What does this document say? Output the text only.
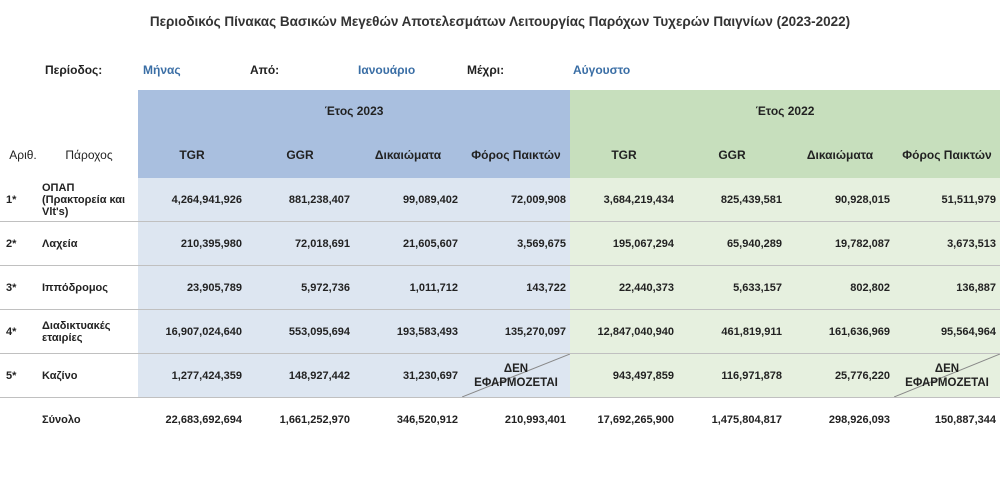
Περιοδικός Πίνακας Βασικών Μεγεθών Αποτελεσμάτων Λειτουργίας Παρόχων Τυχερών Παιγνίων (2023-2022)
Περίοδος:	Μήνας	Από:	Ιανουάριο	Μέχρι:	Αύγουστο
		Έτος 2023				Έτος 2022			
Αριθ.	Πάροχος	TGR	GGR	Δικαιώματα	Φόρος Παικτών	TGR	GGR	Δικαιώματα	Φόρος Παικτών
1*	ΟΠΑΠ (Πρακτορεία και Vlt's)	4,264,941,926	881,238,407	99,089,402	72,009,908	3,684,219,434	825,439,581	90,928,015	51,511,979
2*	Λαχεία	210,395,980	72,018,691	21,605,607	3,569,675	195,067,294	65,940,289	19,782,087	3,673,513
3*	Ιππόδρομος	23,905,789	5,972,736	1,011,712	143,722	22,440,373	5,633,157	802,802	136,887
4*	Διαδικτυακές εταιρίες	16,907,024,640	553,095,694	193,583,493	135,270,097	12,847,040,940	461,819,911	161,636,969	95,564,964
5*	Καζίνο	1,277,424,359	148,927,442	31,230,697	ΔΕΝ ΕΦΑΡΜΟΖΕΤΑΙ	943,497,859	116,971,878	25,776,220	ΔΕΝ ΕΦΑΡΜΟΖΕΤΑΙ
	Σύνολο	22,683,692,694	1,661,252,970	346,520,912	210,993,401	17,692,265,900	1,475,804,817	298,926,093	150,887,344
